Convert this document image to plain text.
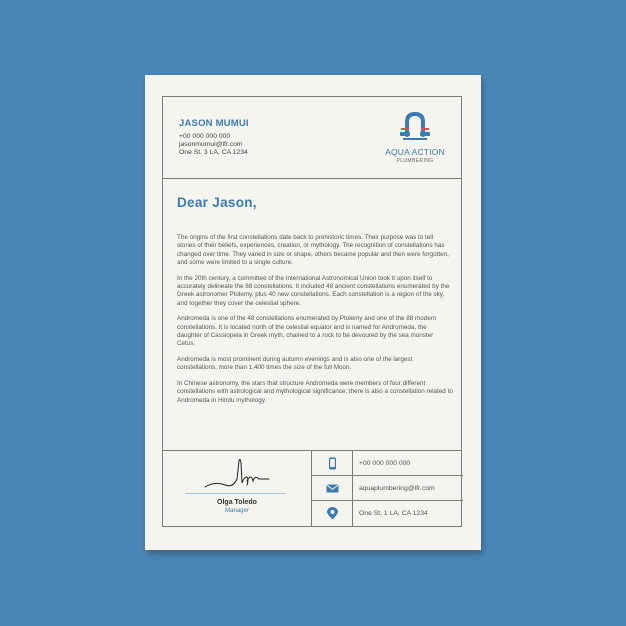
JASON MUMUI
+00 000 000 000
jasonmumui@lfr.com
One St. 3 LA, CA 1234	AQUA ACTION
PLUMBERING
Dear Jason,

The origins of the first constellations date back to prehistoric times. Their purpose was to tell stories of their beliefs, experiences, creation, or mythology. The recognition of constellations has changed over time. They varied in size or shape, others became popular and then were forgotten, and some were limited to a single culture.

In the 20th century, a committee of the International Astronomical Union took it upon itself to accurately delineate the 88 constellations. It included 48 ancient constellations enumerated by the Greek astronomer Ptolemy, plus 40 new constellations. Each constellation is a region of the sky, and together they cover the celestial sphere.

Andromeda is one of the 48 constellations enumerated by Ptolemy and one of the 88 modern constellations. It is located north of the celestial equator and is named for Andromeda, the daughter of Cassiopeia in Greek myth, chained to a rock to be devoured by the sea monster Cetus.

Andromeda is most prominent during autumn evenings and is also one of the largest constellations, more than 1,400 times the size of the full Moon.

In Chinese astronomy, the stars that structure Andromeda were members of four different constellations with astrological and mythological significance; there is also a constellation related to Andromeda in Hindu mythology.

Olga Toledo
Manager
+00 000 000 000
aquaplumbering@lfr.com
One St. 1 LA, CA 1234
